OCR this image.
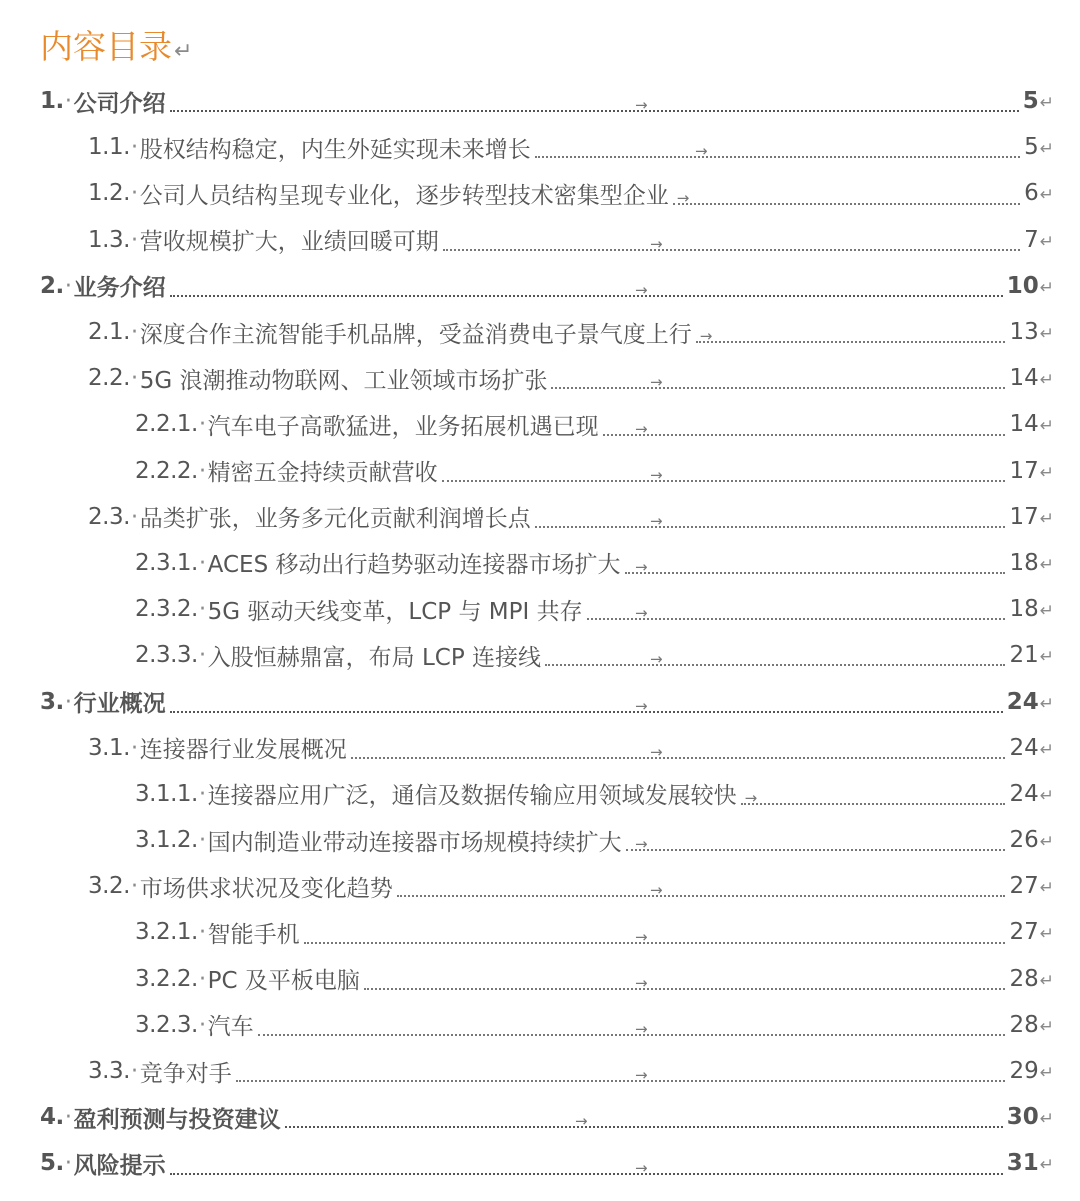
内容目录↵
1.· 公司介绍	→	5↵
1.1.· 股权结构稳定，内生外延实现未来增长	→	5↵
1.2.· 公司人员结构呈现专业化，逐步转型技术密集型企业 →	6↵
1.3.· 营收规模扩大，业绩回暖可期	→	7↵
2.· 业务介绍	→	10↵
2.1.· 深度合作主流智能手机品牌，受益消费电子景气度上行 →	13↵
2.2.· 5G 浪潮推动物联网、工业领域市场扩张	→	14↵
2.2.1.· 汽车电子高歌猛进，业务拓展机遇已现 →	14↵
2.2.2.· 精密五金持续贡献营收	→	17↵
2.3.· 品类扩张，业务多元化贡献利润增长点	→	17↵
2.3.1.· ACES 移动出行趋势驱动连接器市场扩大 →	18↵
2.3.2.· 5G 驱动天线变革，LCP 与 MPI 共存	→	18↵
2.3.3.· 入股恒赫鼎富，布局 LCP 连接线	→	21↵
3.· 行业概况	→	24↵
3.1.· 连接器行业发展概况	→	24↵
3.1.1.· 连接器应用广泛，通信及数据传输应用领域发展较快 →	24↵
3.1.2.· 国内制造业带动连接器市场规模持续扩大 →	26↵
3.2.· 市场供求状况及变化趋势	→	27↵
3.2.1.· 智能手机	→	27↵
3.2.2.· PC 及平板电脑	→	28↵
3.2.3.· 汽车	→	28↵
3.3.· 竞争对手	→	29↵
4.· 盈利预测与投资建议	→	30↵
5.· 风险提示	→	31↵
